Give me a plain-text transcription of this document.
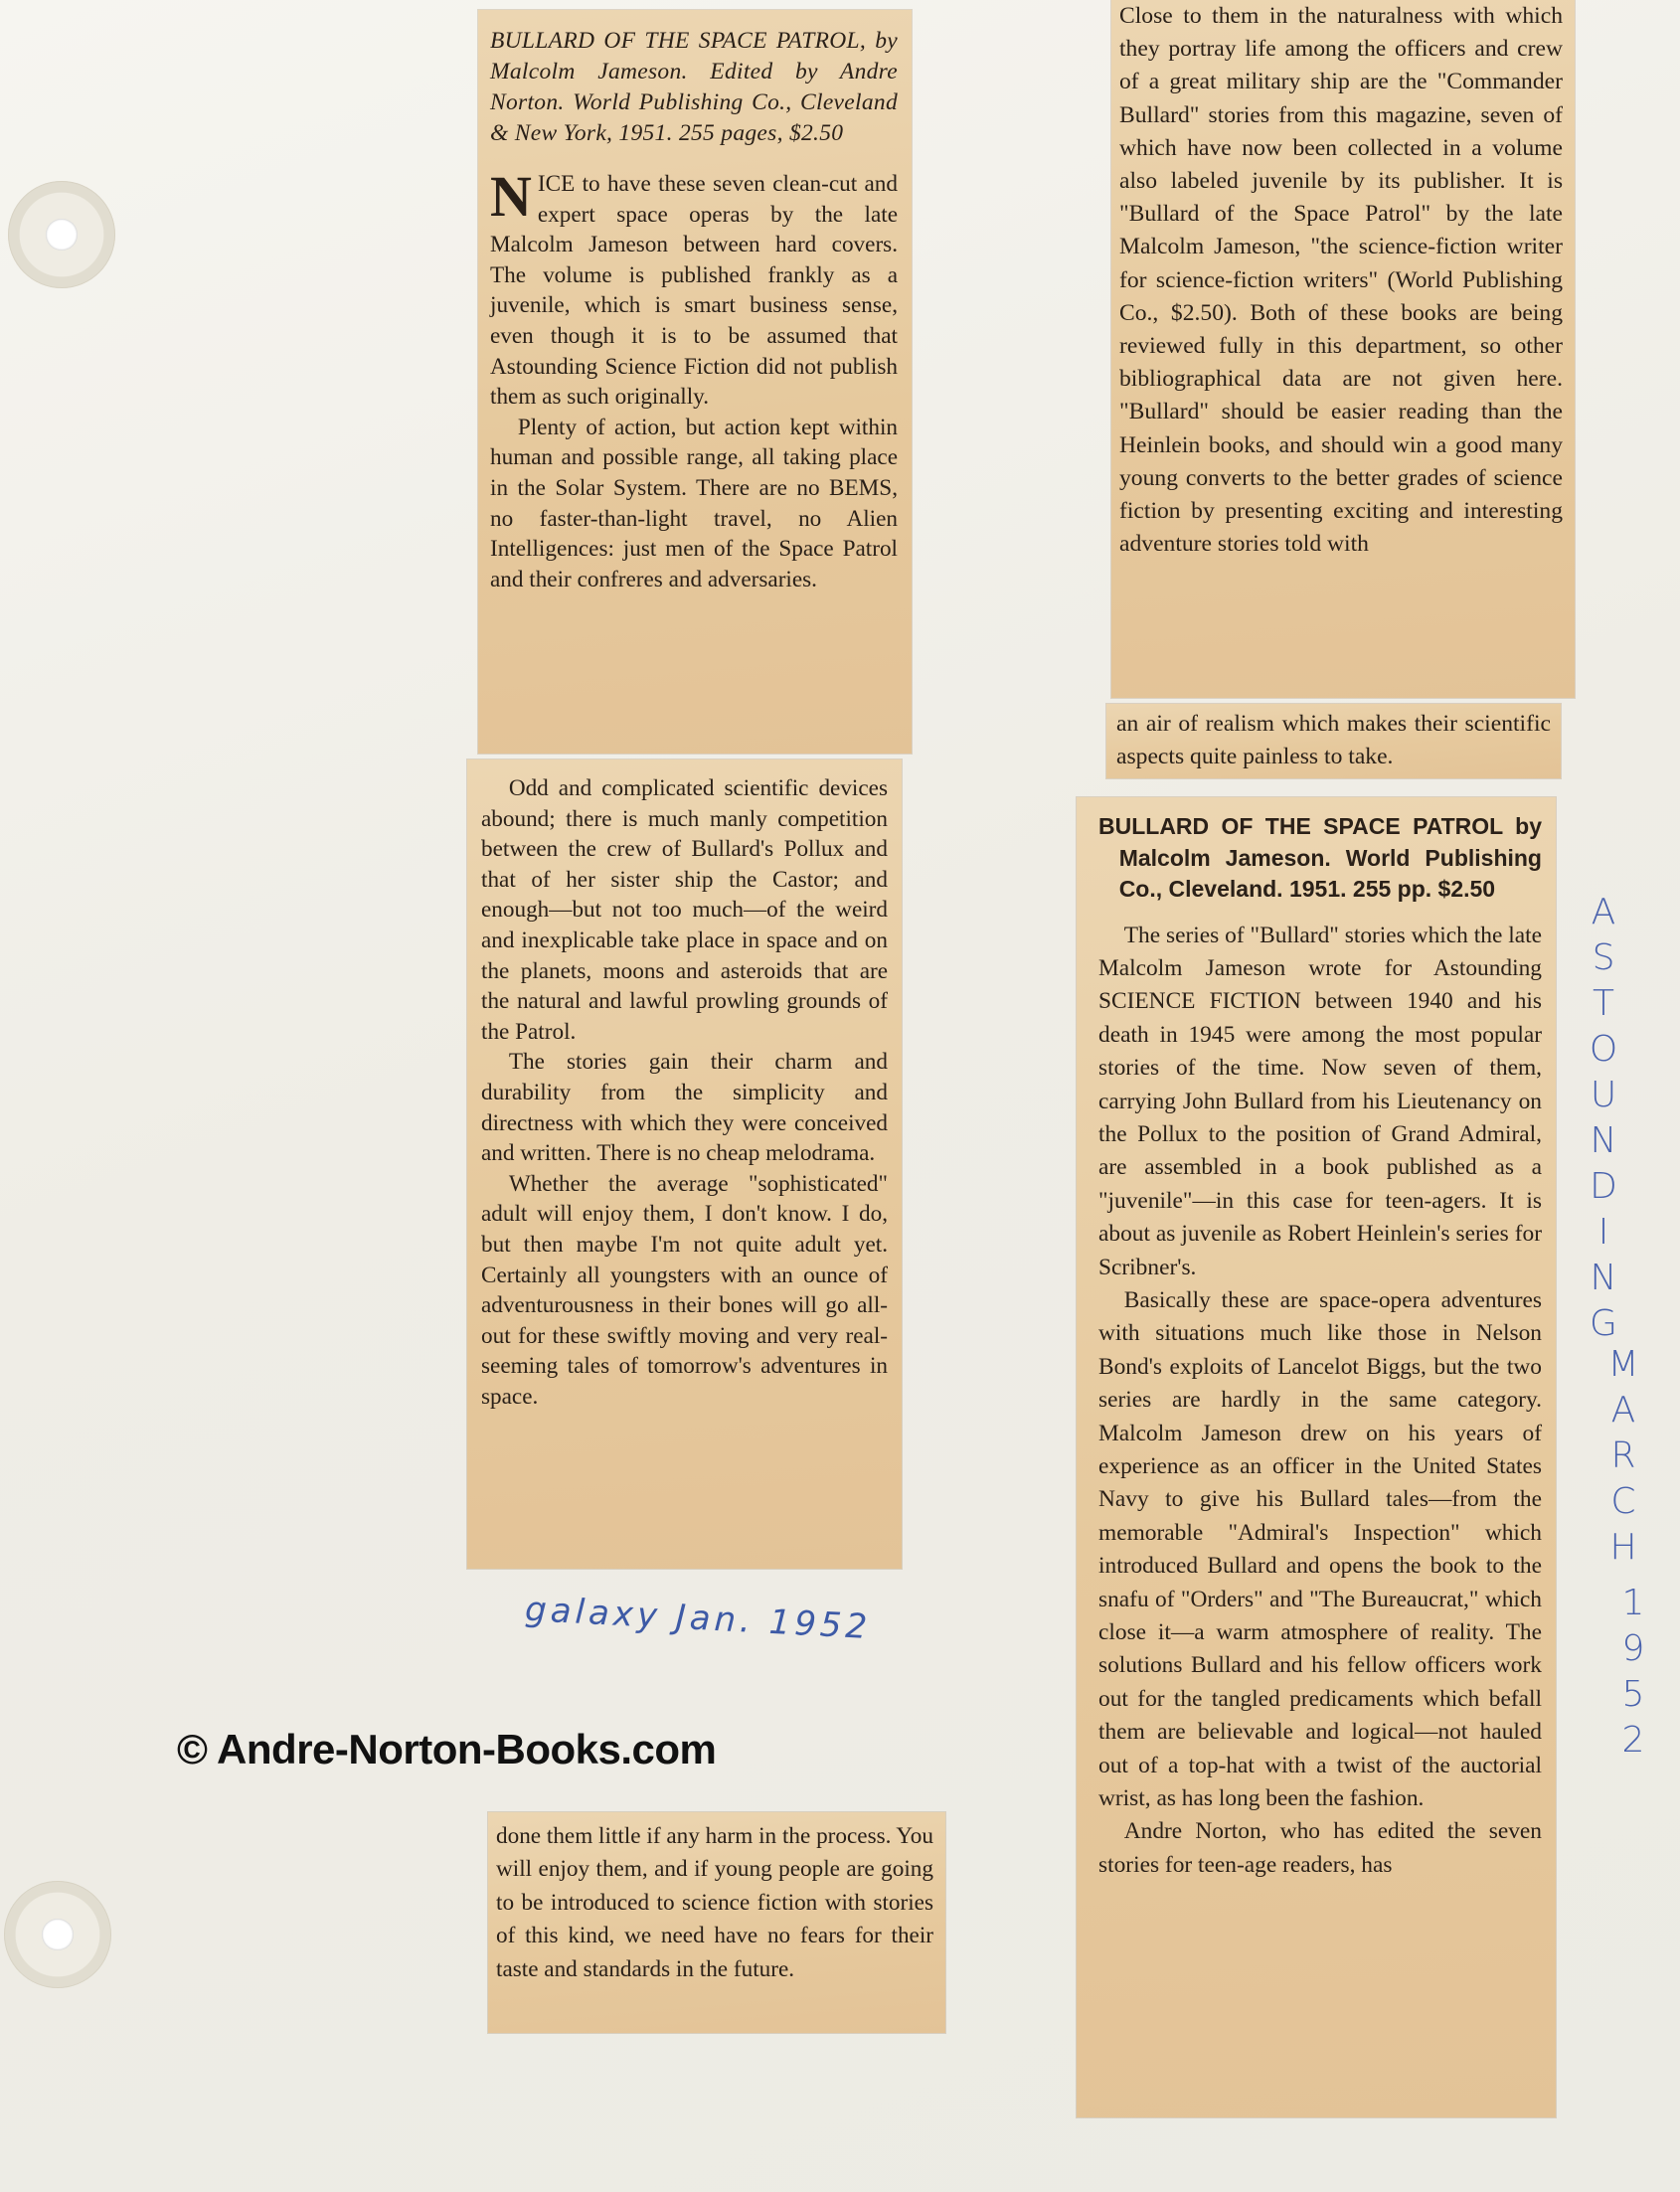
BULLARD OF THE SPACE PATROL, by Malcolm Jameson. Edited by Andre Norton. World Publishing Co., Cleveland & New York, 1951. 255 pages, $2.50

NICE to have these seven clean-cut and expert space operas by the late Malcolm Jameson between hard covers. The volume is published frankly as a juvenile, which is smart business sense, even though it is to be assumed that Astounding Science Fiction did not publish them as such originally.

Plenty of action, but action kept within human and possible range, all taking place in the Solar System. There are no BEMS, no faster-than-light travel, no Alien Intelligences: just men of the Space Patrol and their confreres and adversaries.

Odd and complicated scientific devices abound; there is much manly competition between the crew of Bullard's Pollux and that of her sister ship the Castor; and enough—but not too much—of the weird and inexplicable take place in space and on the planets, moons and asteroids that are the natural and lawful prowling grounds of the Patrol.

The stories gain their charm and durability from the simplicity and directness with which they were conceived and written. There is no cheap melodrama.

Whether the average "sophisticated" adult will enjoy them, I don't know. I do, but then maybe I'm not quite adult yet. Certainly all youngsters with an ounce of adventurousness in their bones will go all-out for these swiftly moving and very real-seeming tales of tomorrow's adventures in space.

galaxy Jan. 1952
© Andre-Norton-Books.com

done them little if any harm in the process. You will enjoy them, and if young people are going to be introduced to science fiction with stories of this kind, we need have no fears for their taste and standards in the future.

Close to them in the naturalness with which they portray life among the officers and crew of a great military ship are the "Commander Bullard" stories from this magazine, seven of which have now been collected in a volume also labeled juvenile by its publisher. It is "Bullard of the Space Patrol" by the late Malcolm Jameson, "the science-fiction writer for science-fiction writers" (World Publishing Co., $2.50). Both of these books are being reviewed fully in this department, so other bibliographical data are not given here. "Bullard" should be easier reading than the Heinlein books, and should win a good many young converts to the better grades of science fiction by presenting exciting and interesting adventure stories told with

an air of realism which makes their scientific aspects quite painless to take.

BULLARD OF THE SPACE PATROL by Malcolm Jameson. World Publishing Co., Cleveland. 1951. 255 pp. $2.50

The series of "Bullard" stories which the late Malcolm Jameson wrote for Astounding SCIENCE FICTION between 1940 and his death in 1945 were among the most popular stories of the time. Now seven of them, carrying John Bullard from his Lieutenancy on the Pollux to the position of Grand Admiral, are assembled in a book published as a "juvenile"—in this case for teen-agers. It is about as juvenile as Robert Heinlein's series for Scribner's.

Basically these are space-opera adventures with situations much like those in Nelson Bond's exploits of Lancelot Biggs, but the two series are hardly in the same category. Malcolm Jameson drew on his years of experience as an officer in the United States Navy to give his Bullard tales—from the memorable "Admiral's Inspection" which introduced Bullard and opens the book to the snafu of "Orders" and "The Bureaucrat," which close it—a warm atmosphere of reality. The solutions Bullard and his fellow officers work out for the tangled predicaments which befall them are believable and logical—not hauled out of a top-hat with a twist of the auctorial wrist, as has long been the fashion.

Andre Norton, who has edited the seven stories for teen-age readers, has

A
S
T
O
U
N
D
I
N
G
M
A
R
C
H
1
9
5
2
